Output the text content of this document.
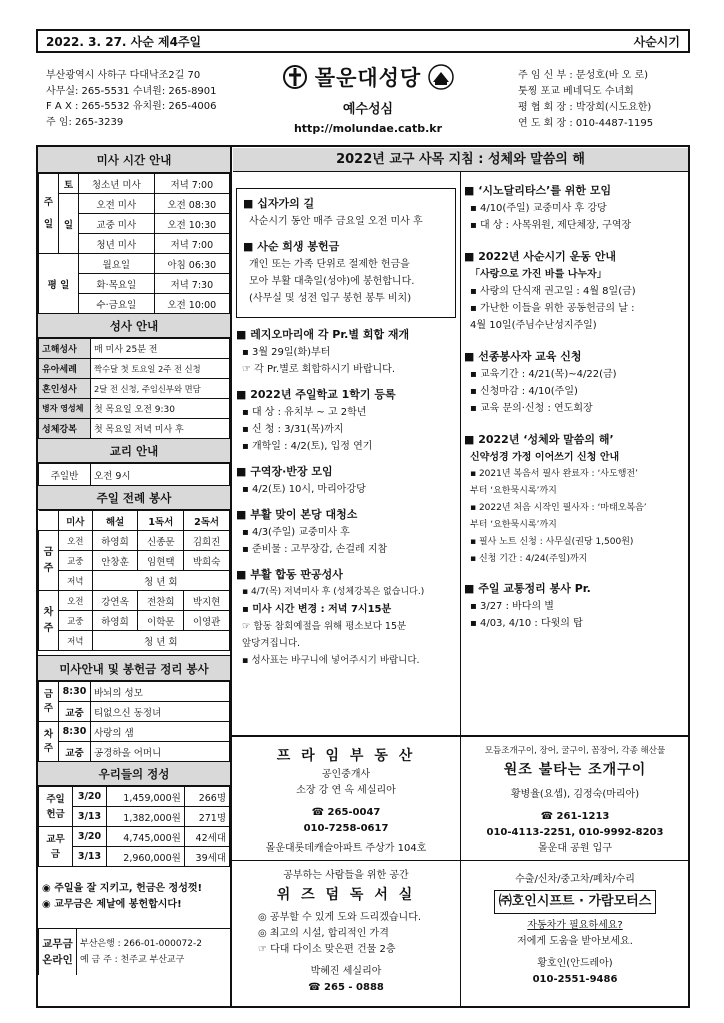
2022. 3. 27. 사순 제4주일	사순시기
부산광역시 사하구 다대낙조2길 70
사무실: 265-5531 수녀원: 265-8901
F A X : 265-5532 유치원: 265-4006
주 임: 265-3239
몰운대성당
예수성심
http://molundae.catb.kr
주 임 신 부 : 문성호(바 오 로)
툿찡 포교 베네딕도 수녀회
평 협 회 장 : 박장희(시도요한)
연 도 회 장 : 010-4487-1195
미사 시간 안내
주일	토	청소년 미사	저녁 7:00
	일	오전 미사	오전 08:30
		교중 미사	오전 10:30
		청년 미사	저녁 7:00
평 일		월요일	아침 06:30
		화·목요일	저녁 7:30
		수·금요일	오전 10:00
성사 안내
고해성사	매 미사 25분 전
유아세례	짝수달 첫 토요일 2주 전 신청
혼인성사	2달 전 신청, 주임신부와 면담
병자 영성체	첫 목요일 오전 9:30
성체강복	첫 목요일 저녁 미사 후
교리 안내
주일반	오전 9시
주일 전례 봉사
	미사	해설	1독서	2독서
금주	오전	하영희	신종문	김희진
	교중	안창훈	임현택	박희숙
	저녁	청 년 회		
차주	오전	강연옥	전찬희	박지현
	교중	하영희	이학문	이영관
	저녁	청 년 회		
미사안내 및 봉헌금 정리 봉사
금주	8:30	바뇌의 성모
	교중	티없으신 동정녀
차주	8:30	사랑의 샘
	교중	공경하올 어머니
우리들의 정성
주일헌금	3/20	1,459,000원	266명
	3/13	1,382,000원	271명
교무금	3/20	4,745,000원	42세대
	3/13	2,960,000원	39세대
◉ 주일을 잘 지키고, 헌금은 정성껏!
◉ 교무금은 제날에 봉헌합시다!
교무금 온라인	
부산은행 : 266-01-000072-2
예 금 주 : 천주교 부산교구
2022년 교구 사목 지침 : 성체와 말씀의 해
■ 십자가의 길
사순시기 동안 매주 금요일 오전 미사 후
■ 사순 희생 봉헌금
개인 또는 가족 단위로 절제한 헌금을
모아 부활 대축일(성야)에 봉헌합니다.
(사무실 및 성전 입구 봉헌 봉투 비치)
■ 레지오마리애 각 Pr.별 회합 재개
▪ 3월 29일(화)부터
☞ 각 Pr.별로 회합하시기 바랍니다.
■ 2022년 주일학교 1학기 등록
▪ 대 상 : 유치부 ~ 고 2학년
▪ 신 청 : 3/31(목)까지
▪ 개학일 : 4/2(토), 입정 연기
■ 구역장·반장 모임
▪ 4/2(토) 10시, 마리아강당
■ 부활 맞이 본당 대청소
▪ 4/3(주일) 교중미사 후
▪ 준비물 : 고무장갑, 손걸레 지참
■ 부활 합동 판공성사
▪ 4/7(목) 저녁미사 후 (성체강복은 없습니다.)
▪ 미사 시간 변경 : 저녁 7시15분
☞ 합동 참회예절을 위해 평소보다 15분
앞당겨집니다.
▪ 성사표는 바구니에 넣어주시기 바랍니다.
■ ‘시노달리타스’를 위한 모임
▪ 4/10(주일) 교중미사 후 강당
▪ 대 상 : 사목위원, 제단체장, 구역장
■ 2022년 사순시기 운동 안내
「사랑으로 가진 바를 나누자」
▪ 사랑의 단식재 권고일 : 4월 8일(금)
▪ 가난한 이들을 위한 공동헌금의 날 :
4월 10일(주님수난성지주일)
■ 선종봉사자 교육 신청
▪ 교육기간 : 4/21(목)~4/22(금)
▪ 신청마감 : 4/10(주일)
▪ 교육 문의·신청 : 연도회장
■ 2022년 ‘성체와 말씀의 해’
신약성경 가정 이어쓰기 신청 안내
▪ 2021년 복음서 필사 완료자 : ‘사도행전’
부터 ‘요한묵시록’까지
▪ 2022년 처음 시작인 필사자 : ‘마태오복음’
부터 ‘요한묵시록’까지
▪ 필사 노트 신청 : 사무실(권당 1,500원)
▪ 신청 기간 : 4/24(주일)까지
■ 주일 교통정리 봉사 Pr.
▪ 3/27 : 바다의 별
▪ 4/03, 4/10 : 다윗의 탑
프 라 임 부 동 산
공인중개사
소장 강 연 옥 세실리아
☎ 265-0047
010-7258-0617
몰운대롯데캐슬아파트 주상가 104호
모듬조개구이, 장어, 굴구이, 꼼장어, 각종 해산물
원조 불타는 조개구이
황병율(요셉), 김정숙(마리아)
☎ 261-1213
010-4113-2251, 010-9992-8203
몰운대 공원 입구
공부하는 사람들을 위한 공간
위 즈 덤 독 서 실
◎ 공부할 수 있게 도와 드리겠습니다.
◎ 최고의 시설, 합리적인 가격
☞ 다대 다이소 맞은편 건물 2층
박혜진 세실리아
☎ 265 - 0888
수출/신차/중고차/폐차/수리
㈜호인시프트 · 가람모터스
자동차가 필요하세요?
저에게 도움을 받아보세요.
황호인(안드레아)
010-2551-9486
